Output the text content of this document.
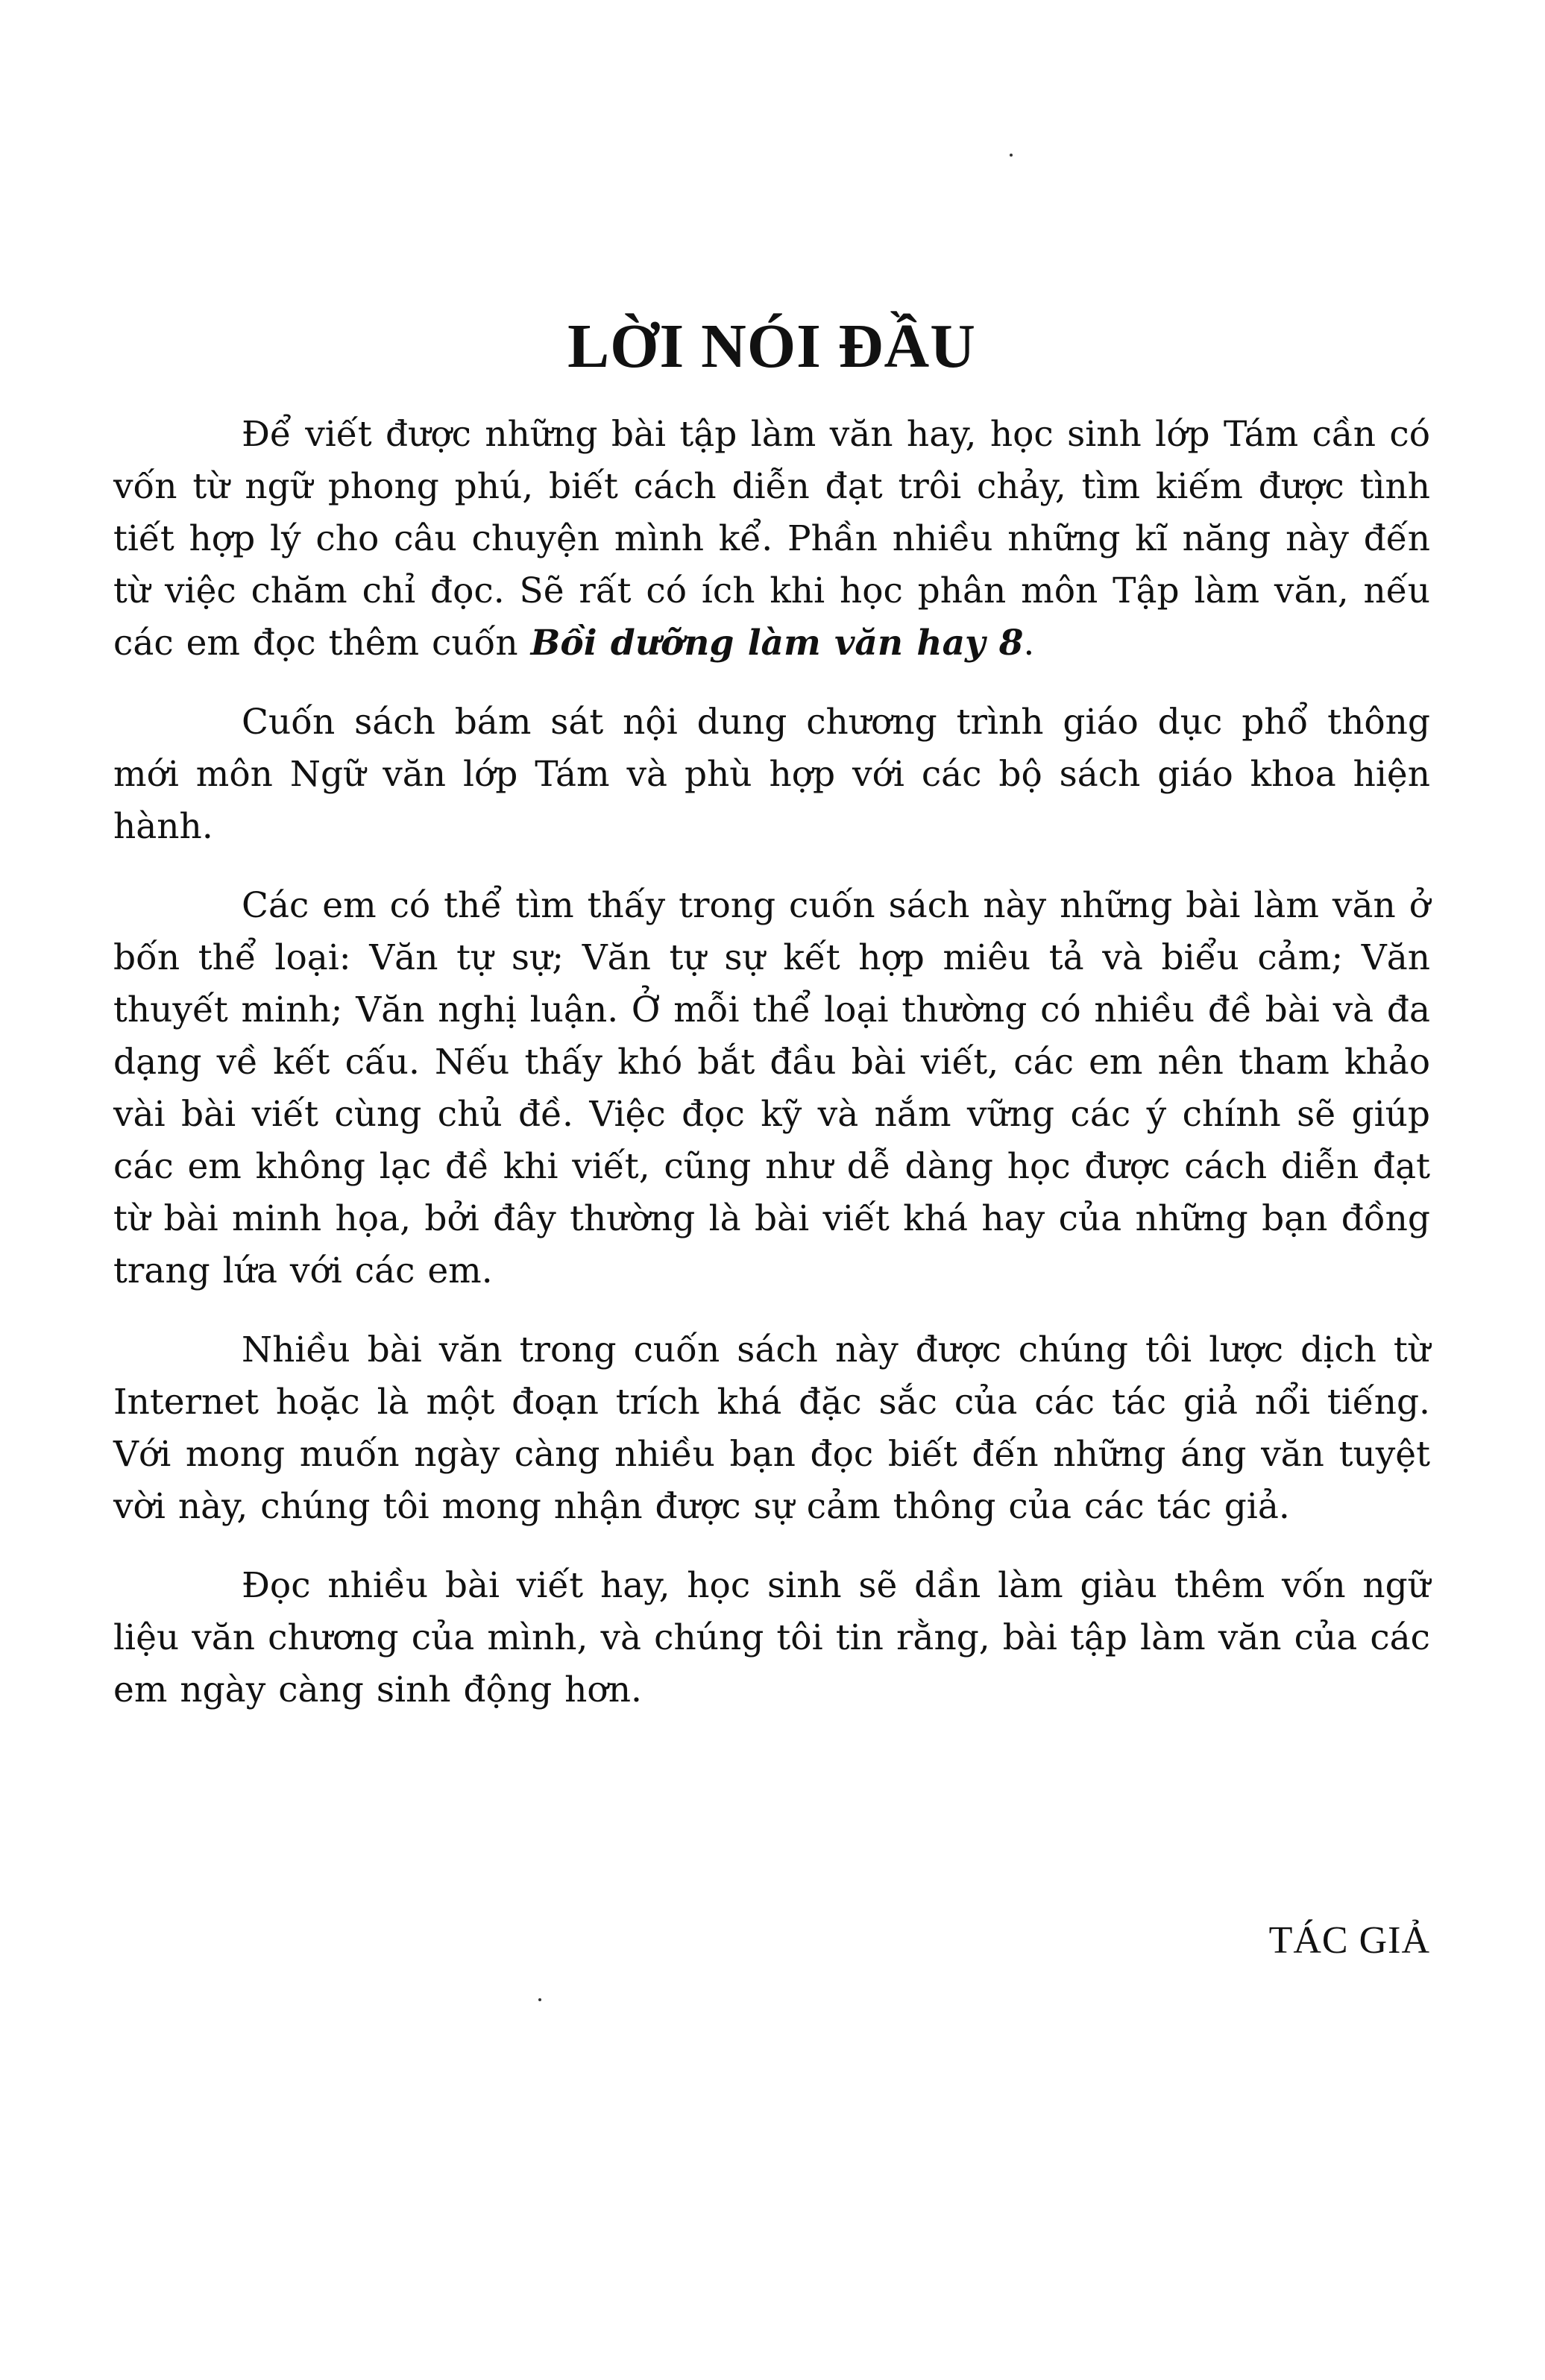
LỜI NÓI ĐẦU

Để viết được những bài tập làm văn hay, học sinh lớp Tám cần có vốn từ ngữ phong phú, biết cách diễn đạt trôi chảy, tìm kiếm được tình tiết hợp lý cho câu chuyện mình kể. Phần nhiều những kĩ năng này đến từ việc chăm chỉ đọc. Sẽ rất có ích khi học phân môn Tập làm văn, nếu các em đọc thêm cuốn Bồi dưỡng làm văn hay 8.

Cuốn sách bám sát nội dung chương trình giáo dục phổ thông mới môn Ngữ văn lớp Tám và phù hợp với các bộ sách giáo khoa hiện hành.

Các em có thể tìm thấy trong cuốn sách này những bài làm văn ở bốn thể loại: Văn tự sự; Văn tự sự kết hợp miêu tả và biểu cảm; Văn thuyết minh; Văn nghị luận. Ở mỗi thể loại thường có nhiều đề bài và đa dạng về kết cấu. Nếu thấy khó bắt đầu bài viết, các em nên tham khảo vài bài viết cùng chủ đề. Việc đọc kỹ và nắm vững các ý chính sẽ giúp các em không lạc đề khi viết, cũng như dễ dàng học được cách diễn đạt từ bài minh họa, bởi đây thường là bài viết khá hay của những bạn đồng trang lứa với các em.

Nhiều bài văn trong cuốn sách này được chúng tôi lược dịch từ Internet hoặc là một đoạn trích khá đặc sắc của các tác giả nổi tiếng. Với mong muốn ngày càng nhiều bạn đọc biết đến những áng văn tuyệt vời này, chúng tôi mong nhận được sự cảm thông của các tác giả.

Đọc nhiều bài viết hay, học sinh sẽ dần làm giàu thêm vốn ngữ liệu văn chương của mình, và chúng tôi tin rằng, bài tập làm văn của các em ngày càng sinh động hơn.

TÁC GIẢ
